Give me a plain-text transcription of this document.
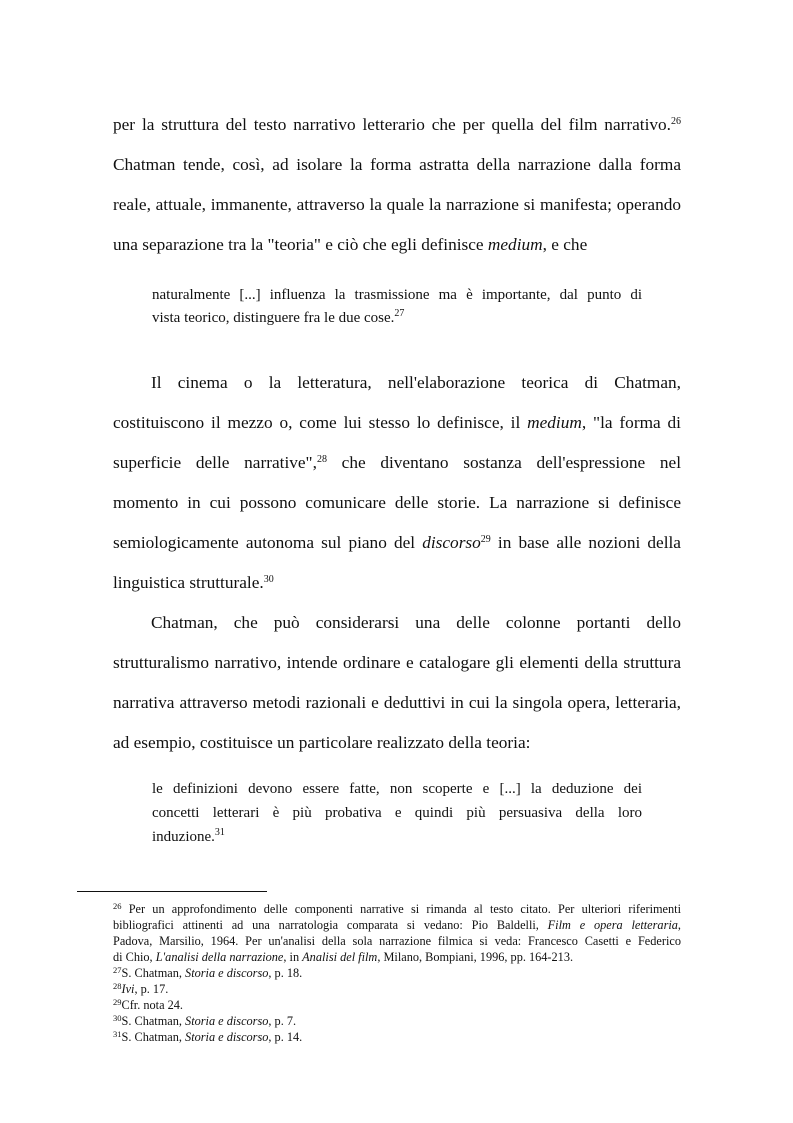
per la struttura del testo narrativo letterario che per quella del film narrativo.$^{26}$
Chatman tende, così, ad isolare la forma astratta della narrazione dalla forma
reale, attuale, immanente, attraverso la quale la narrazione si manifesta; operando
una separazione tra la "teoria" e ciò che egli definisce medium, e che
naturalmente [...] influenza la trasmissione ma è importante, dal punto di
vista teorico, distinguere fra le due cose.$^{27}$
Il cinema o la letteratura, nell'elaborazione teorica di Chatman,
costituiscono il mezzo o, come lui stesso lo definisce, il medium, "la forma di
superficie delle narrative",$^{28}$ che diventano sostanza dell'espressione nel
momento in cui possono comunicare delle storie. La narrazione si definisce
semiologicamente autonoma sul piano del discorso$^{29}$ in base alle nozioni della
linguistica strutturale.$^{30}$
Chatman, che può considerarsi una delle colonne portanti dello
strutturalismo narrativo, intende ordinare e catalogare gli elementi della struttura
narrativa attraverso metodi razionali e deduttivi in cui la singola opera, letteraria,
ad esempio, costituisce un particolare realizzato della teoria:
le definizioni devono essere fatte, non scoperte e [...] la deduzione dei
concetti letterari è più probativa e quindi più persuasiva della loro
induzione.$^{31}$
$^{26}$ Per un approfondimento delle componenti narrative si rimanda al testo citato. Per ulteriori riferimenti
bibliografici attinenti ad una narratologia comparata si vedano: Pio Baldelli, Film e opera letteraria,
Padova, Marsilio, 1964. Per un'analisi della sola narrazione filmica si veda: Francesco Casetti e Federico
di Chio, L'analisi della narrazione, in Analisi del film, Milano, Bompiani, 1996, pp. 164-213.
$^{27}$S. Chatman, Storia e discorso, p. 18.
$^{28}$Ivi, p. 17.
$^{29}$Cfr. nota 24.
$^{30}$S. Chatman, Storia e discorso, p. 7.
$^{31}$S. Chatman, Storia e discorso, p. 14.
